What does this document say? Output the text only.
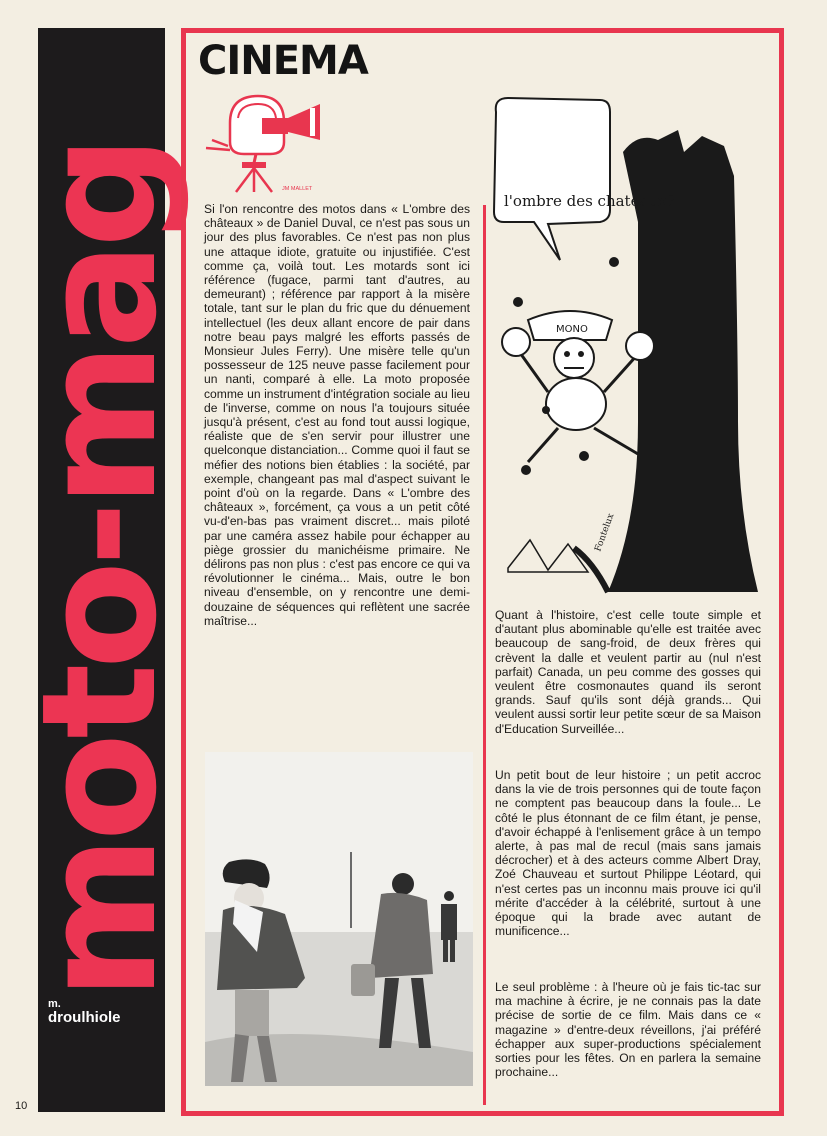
moto-mag
m.
droulhiole
CINEMA
JM MALLET
l'ombre des chateaux?
MONO
Fontelux

Si l'on rencontre des motos dans « L'ombre des châteaux » de Daniel Duval, ce n'est pas sous un jour des plus favorables. Ce n'est pas non plus une attaque idiote, gratuite ou injustifiée. C'est comme ça, voilà tout. Les motards sont ici référence (fugace, parmi tant d'autres, au demeurant) ; référence par rapport à la misère totale, tant sur le plan du fric que du dénuement intellectuel (les deux allant encore de pair dans notre beau pays malgré les efforts passés de Monsieur Jules Ferry). Une misère telle qu'un possesseur de 125 neuve passe facilement pour un nanti, comparé à elle. La moto proposée comme un instrument d'intégration sociale au lieu de l'inverse, comme on nous l'a toujours située jusqu'à présent, c'est au fond tout aussi logique, réaliste que de s'en servir pour illustrer une quelconque distanciation... Comme quoi il faut se méfier des notions bien établies : la société, par exemple, changeant pas mal d'aspect suivant le point d'où on la regarde. Dans « L'ombre des châteaux », forcément, ça vous a un petit côté vu-d'en-bas pas vraiment discret... mais piloté par une caméra assez habile pour échapper au piège grossier du manichéisme primaire. Ne délirons pas non plus : c'est pas encore ce qui va révolutionner le cinéma... Mais, outre le bon niveau d'ensemble, on y rencontre une demi-douzaine de séquences qui reflètent une sacrée maîtrise...	Quant à l'histoire, c'est celle toute simple et d'autant plus abominable qu'elle est traitée avec beaucoup de sang-froid, de deux frères qui crèvent la dalle et veulent partir au (nul n'est parfait) Canada, un peu comme des gosses qui veulent être cosmonautes quand ils seront grands. Sauf qu'ils sont déjà grands... Qui veulent aussi sortir leur petite sœur de sa Maison d'Education Surveillée...

Un petit bout de leur histoire ; un petit accroc dans la vie de trois personnes qui de toute façon ne comptent pas beaucoup dans la foule... Le côté le plus étonnant de ce film étant, je pense, d'avoir échappé à l'enlisement grâce à un tempo alerte, à pas mal de recul (mais sans jamais décrocher) et à des acteurs comme Albert Dray, Zoé Chauveau et surtout Philippe Léotard, qui n'est certes pas un inconnu mais prouve ici qu'il mérite d'accéder à la célébrité, surtout à une époque qui la brade avec autant de munificence...

Le seul problème : à l'heure où je fais tic-tac sur ma machine à écrire, je ne connais pas la date précise de sortie de ce film. Mais dans ce « magazine » d'entre-deux réveillons, j'ai préféré échapper aux super-productions spécialement sorties pour les fêtes. On en parlera la semaine prochaine...

10
